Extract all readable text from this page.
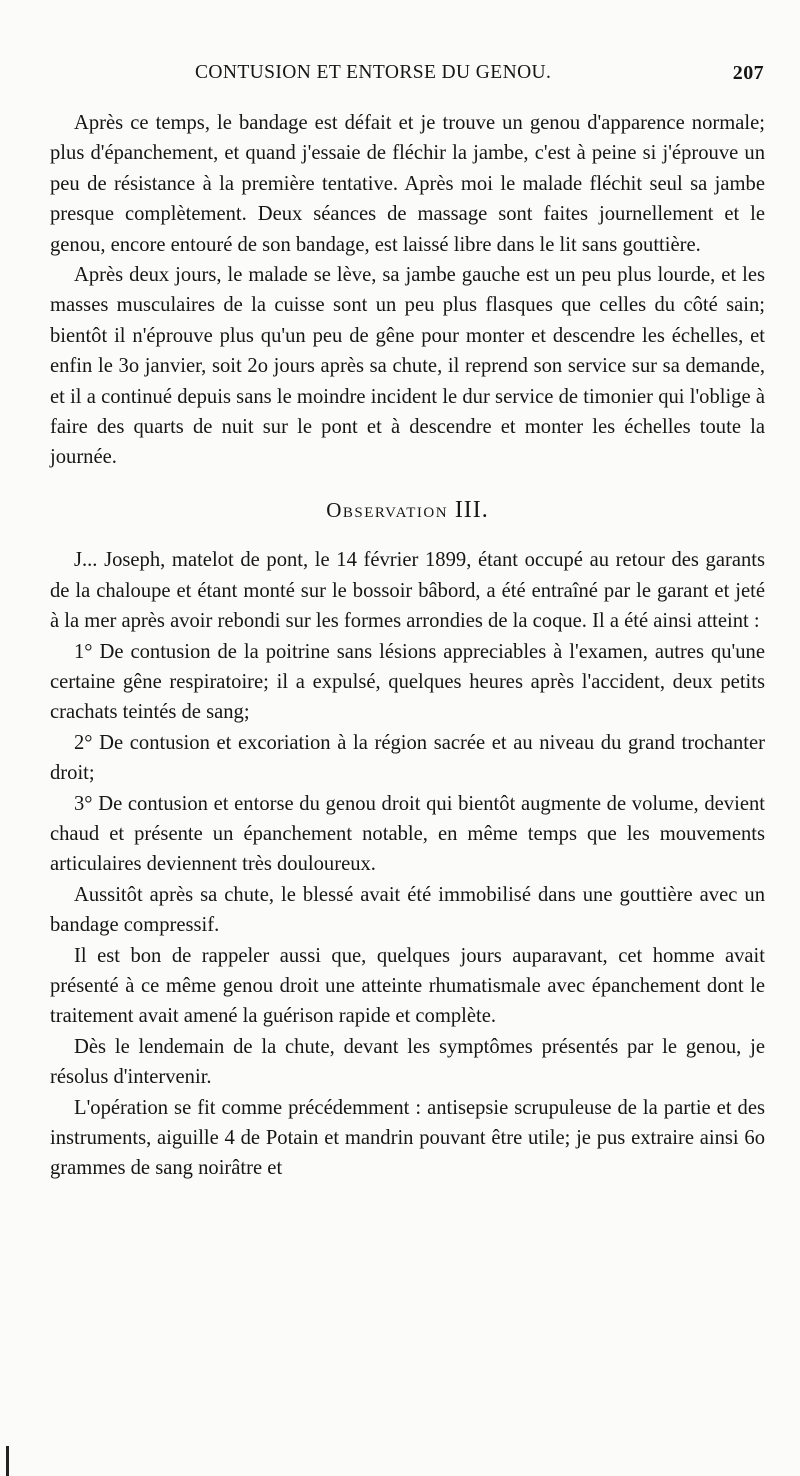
CONTUSION ET ENTORSE DU GENOU.	207

Après ce temps, le bandage est défait et je trouve un genou d'apparence normale; plus d'épanchement, et quand j'essaie de fléchir la jambe, c'est à peine si j'éprouve un peu de résistance à la première tentative. Après moi le malade fléchit seul sa jambe presque complètement. Deux séances de massage sont faites journellement et le genou, encore entouré de son bandage, est laissé libre dans le lit sans gouttière.

Après deux jours, le malade se lève, sa jambe gauche est un peu plus lourde, et les masses musculaires de la cuisse sont un peu plus flasques que celles du côté sain; bientôt il n'éprouve plus qu'un peu de gêne pour monter et descendre les échelles, et enfin le 3o janvier, soit 2o jours après sa chute, il reprend son service sur sa demande, et il a continué depuis sans le moindre incident le dur service de timonier qui l'oblige à faire des quarts de nuit sur le pont et à descendre et monter les échelles toute la journée.

Observation III.

J... Joseph, matelot de pont, le 14 février 1899, étant occupé au retour des garants de la chaloupe et étant monté sur le bossoir bâbord, a été entraîné par le garant et jeté à la mer après avoir rebondi sur les formes arrondies de la coque. Il a été ainsi atteint :

1° De contusion de la poitrine sans lésions appreciables à l'examen, autres qu'une certaine gêne respiratoire; il a expulsé, quelques heures après l'accident, deux petits crachats teintés de sang;

2° De contusion et excoriation à la région sacrée et au niveau du grand trochanter droit;

3° De contusion et entorse du genou droit qui bientôt augmente de volume, devient chaud et présente un épanchement notable, en même temps que les mouvements articulaires deviennent très douloureux.

Aussitôt après sa chute, le blessé avait été immobilisé dans une gouttière avec un bandage compressif.

Il est bon de rappeler aussi que, quelques jours auparavant, cet homme avait présenté à ce même genou droit une atteinte rhumatismale avec épanchement dont le traitement avait amené la guérison rapide et complète.

Dès le lendemain de la chute, devant les symptômes présentés par le genou, je résolus d'intervenir.

L'opération se fit comme précédemment : antisepsie scrupuleuse de la partie et des instruments, aiguille 4 de Potain et mandrin pouvant être utile; je pus extraire ainsi 6o grammes de sang noirâtre et
